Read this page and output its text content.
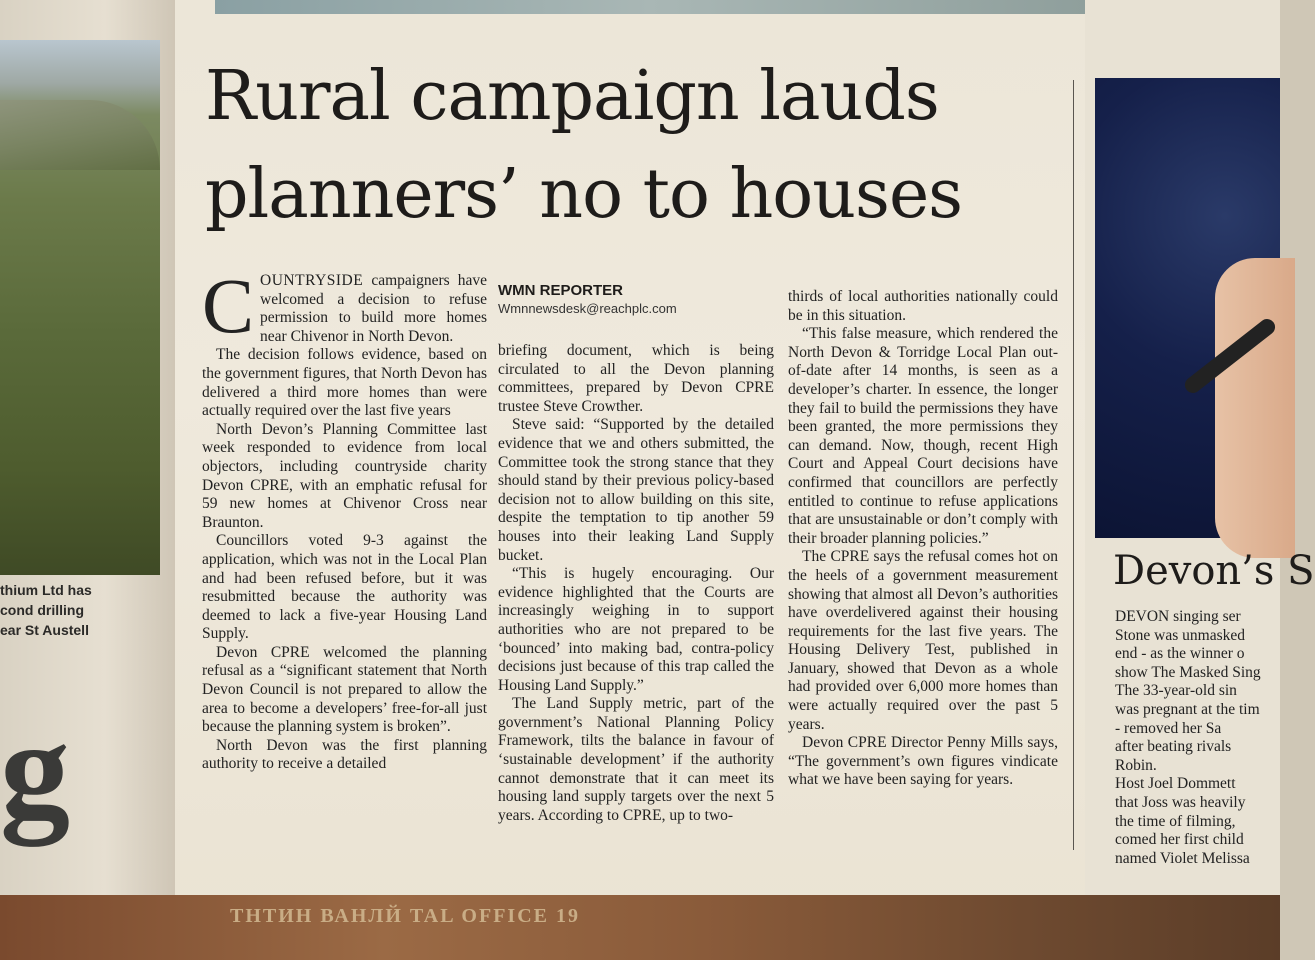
thium Ltd has
cond drilling
ear St Austell
g
Rural campaign lauds
planners’ no to houses

COUNTRYSIDE campaigners have welcomed a decision to refuse permission to build more homes near Chivenor in North Devon.

The decision follows evidence, based on the government figures, that North Devon has delivered a third more homes than were actually required over the last five years

North Devon’s Planning Committee last week responded to evidence from local objectors, including countryside charity Devon CPRE, with an emphatic refusal for 59 new homes at Chivenor Cross near Braunton.

Councillors voted 9-3 against the application, which was not in the Local Plan and had been refused before, but it was resubmitted because the authority was deemed to lack a five-year Housing Land Supply.

Devon CPRE welcomed the planning refusal as a “significant statement that North Devon Council is not prepared to allow the area to become a developers’ free-for-all just because the planning system is broken”.

North Devon was the first planning authority to receive a detailed

WMN REPORTER
Wmnnewsdesk@reachplc.com

briefing document, which is being circulated to all the Devon planning committees, prepared by Devon CPRE trustee Steve Crowther.

Steve said: “Supported by the detailed evidence that we and others submitted, the Committee took the strong stance that they should stand by their previous policy-based decision not to allow building on this site, despite the temptation to tip another 59 houses into their leaking Land Supply bucket.

“This is hugely encouraging. Our evidence highlighted that the Courts are increasingly weighing in to support authorities who are not prepared to be ‘bounced’ into making bad, contra-policy decisions just because of this trap called the Housing Land Supply.”

The Land Supply metric, part of the government’s National Planning Policy Framework, tilts the balance in favour of ‘sustainable development’ if the authority cannot demonstrate that it can meet its housing land supply targets over the next 5 years. According to CPRE, up to two-

thirds of local authorities nationally could be in this situation.

“This false measure, which rendered the North Devon & Torridge Local Plan out-of-date after 14 months, is seen as a developer’s charter. In essence, the longer they fail to build the permissions they have been granted, the more permissions they can demand. Now, though, recent High Court and Appeal Court decisions have confirmed that councillors are perfectly entitled to continue to refuse applications that are unsustainable or don’t comply with their broader planning policies.”

The CPRE says the refusal comes hot on the heels of a government measurement showing that almost all Devon’s authorities have overdelivered against their housing requirements for the last five years. The Housing Delivery Test, published in January, showed that Devon as a whole had provided over 6,000 more homes than were actually required over the past 5 years.

Devon CPRE Director Penny Mills says, “The government’s own figures vindicate what we have been saying for years.

Devon’s S
DEVON singing ser
Stone was unmasked
end - as the winner o
show The Masked Sing
The 33-year-old sin
was pregnant at the tim
- removed her Sa
after beating rivals
Robin.
Host Joel Dommett
that Joss was heavily
the time of filming,
comed her first child
named Violet Melissa
ТНТИН ВАНЛЙ TAL OFFICE 19
